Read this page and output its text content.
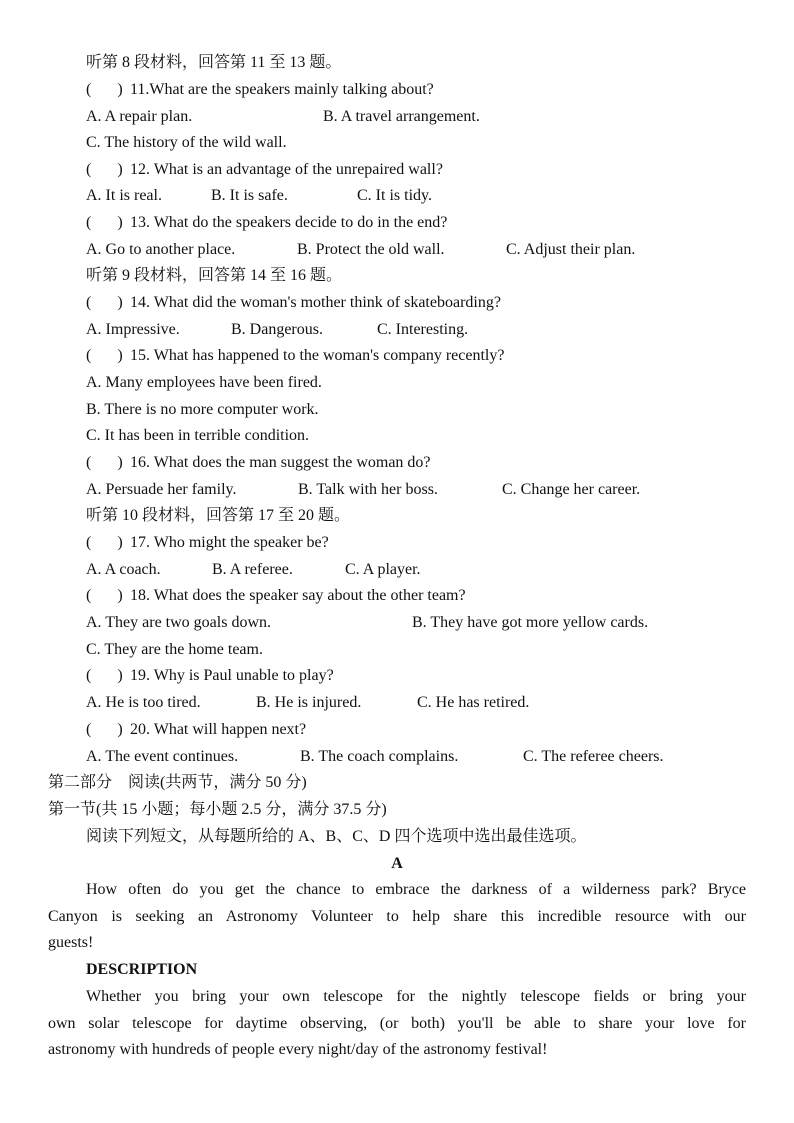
听第 8 段材料，回答第 11 至 13 题。
( ) 11.What are the speakers mainly talking about?
A. A repair plan.	B. A travel arrangement.
C. The history of the wild wall.
( ) 12. What is an advantage of the unrepaired wall?
A. It is real.	B. It is safe.	C. It is tidy.
( ) 13. What do the speakers decide to do in the end?
A. Go to another place.	B. Protect the old wall.	C. Adjust their plan.
听第 9 段材料，回答第 14 至 16 题。
( ) 14. What did the woman's mother think of skateboarding?
A. Impressive.	B. Dangerous.	C. Interesting.
( ) 15. What has happened to the woman's company recently?
A. Many employees have been fired.
B. There is no more computer work.
C. It has been in terrible condition.
( ) 16. What does the man suggest the woman do?
A. Persuade her family.	B. Talk with her boss.	C. Change her career.
听第 10 段材料，回答第 17 至 20 题。
( ) 17. Who might the speaker be?
A. A coach.	B. A referee.	C. A player.
( ) 18. What does the speaker say about the other team?
A. They are two goals down.	B. They have got more yellow cards.
C. They are the home team.
( ) 19. Why is Paul unable to play?
A. He is too tired.	B. He is injured.	C. He has retired.
( ) 20. What will happen next?
A. The event continues.	B. The coach complains.	C. The referee cheers.
第二部分　阅读(共两节，满分 50 分)
第一节(共 15 小题；每小题 2.5 分，满分 37.5 分)
阅读下列短文，从每题所给的 A、B、C、D 四个选项中选出最佳选项。
A
How often do you get the chance to embrace the darkness of a wilderness park? Bryce
Canyon is seeking an Astronomy Volunteer to help share this incredible resource with our
guests!
DESCRIPTION
Whether you bring your own telescope for the nightly telescope fields or bring your
own solar telescope for daytime observing, (or both) you'll be able to share your love for
astronomy with hundreds of people every night/day of the astronomy festival!
